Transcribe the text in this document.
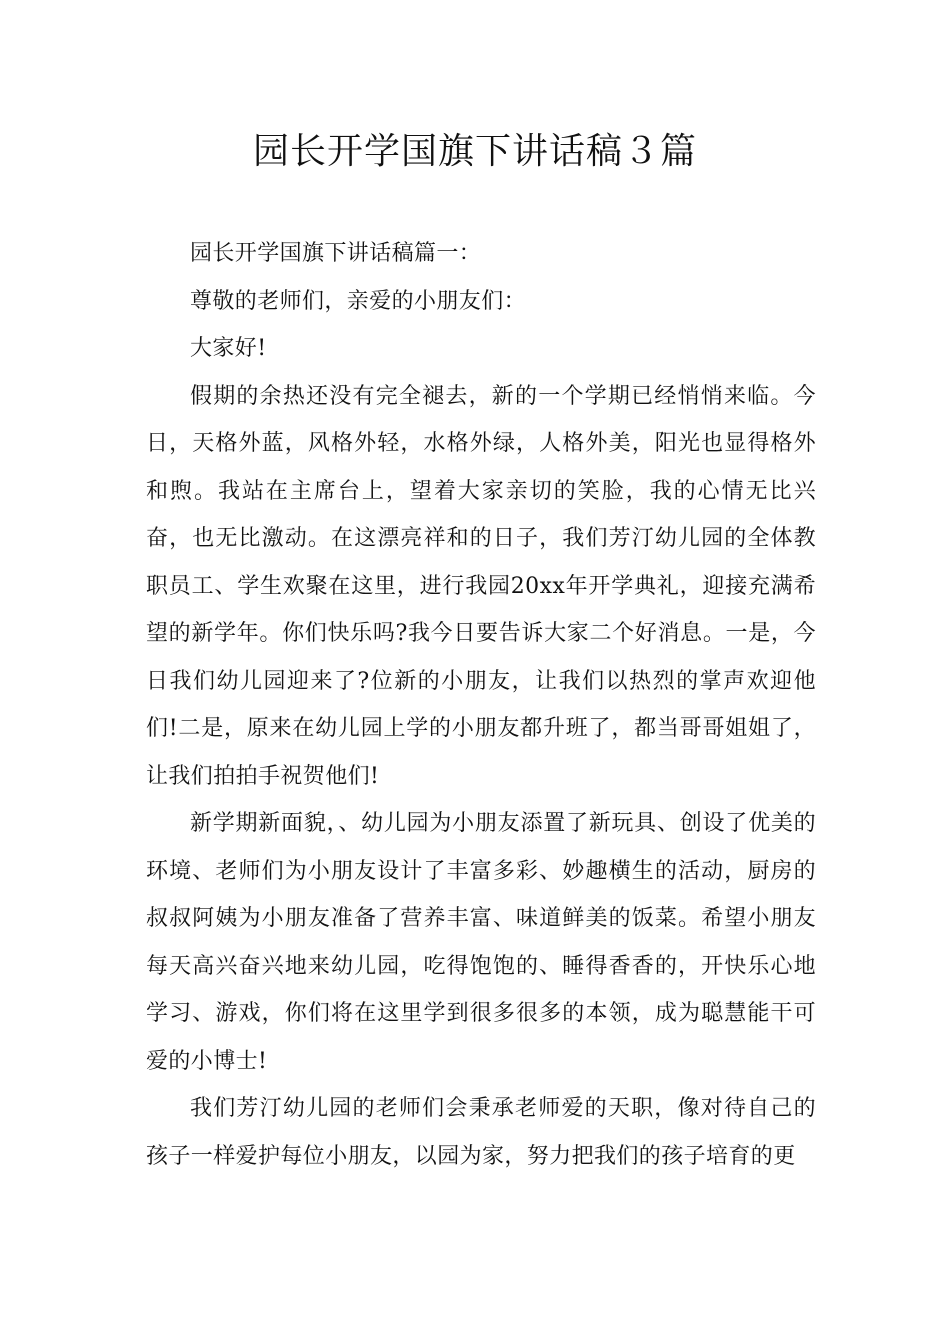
园长开学国旗下讲话稿３篇

园长开学国旗下讲话稿篇一：

尊敬的老师们，亲爱的小朋友们：

大家好!

假期的余热还没有完全褪去，新的一个学期已经悄悄来临。今日，天格外蓝，风格外轻，水格外绿，人格外美，阳光也显得格外和煦。我站在主席台上，望着大家亲切的笑脸，我的心情无比兴奋，也无比激动。在这漂亮祥和的日子，我们芳汀幼儿园的全体教职员工、学生欢聚在这里，进行我园20xx年开学典礼，迎接充满希望的新学年。你们快乐吗?我今日要告诉大家二个好消息。一是，今日我们幼儿园迎来了?位新的小朋友，让我们以热烈的掌声欢迎他们!二是，原来在幼儿园上学的小朋友都升班了，都当哥哥姐姐了，让我们拍拍手祝贺他们!

新学期新面貌，、幼儿园为小朋友添置了新玩具、创设了优美的环境、老师们为小朋友设计了丰富多彩、妙趣横生的活动，厨房的叔叔阿姨为小朋友准备了营养丰富、味道鲜美的饭菜。希望小朋友每天高兴奋兴地来幼儿园，吃得饱饱的、睡得香香的，开快乐心地学习、游戏，你们将在这里学到很多很多的本领，成为聪慧能干可爱的小博士!

我们芳汀幼儿园的老师们会秉承老师爱的天职，像对待自己的孩子一样爱护每位小朋友，以园为家，努力把我们的孩子培育的更
